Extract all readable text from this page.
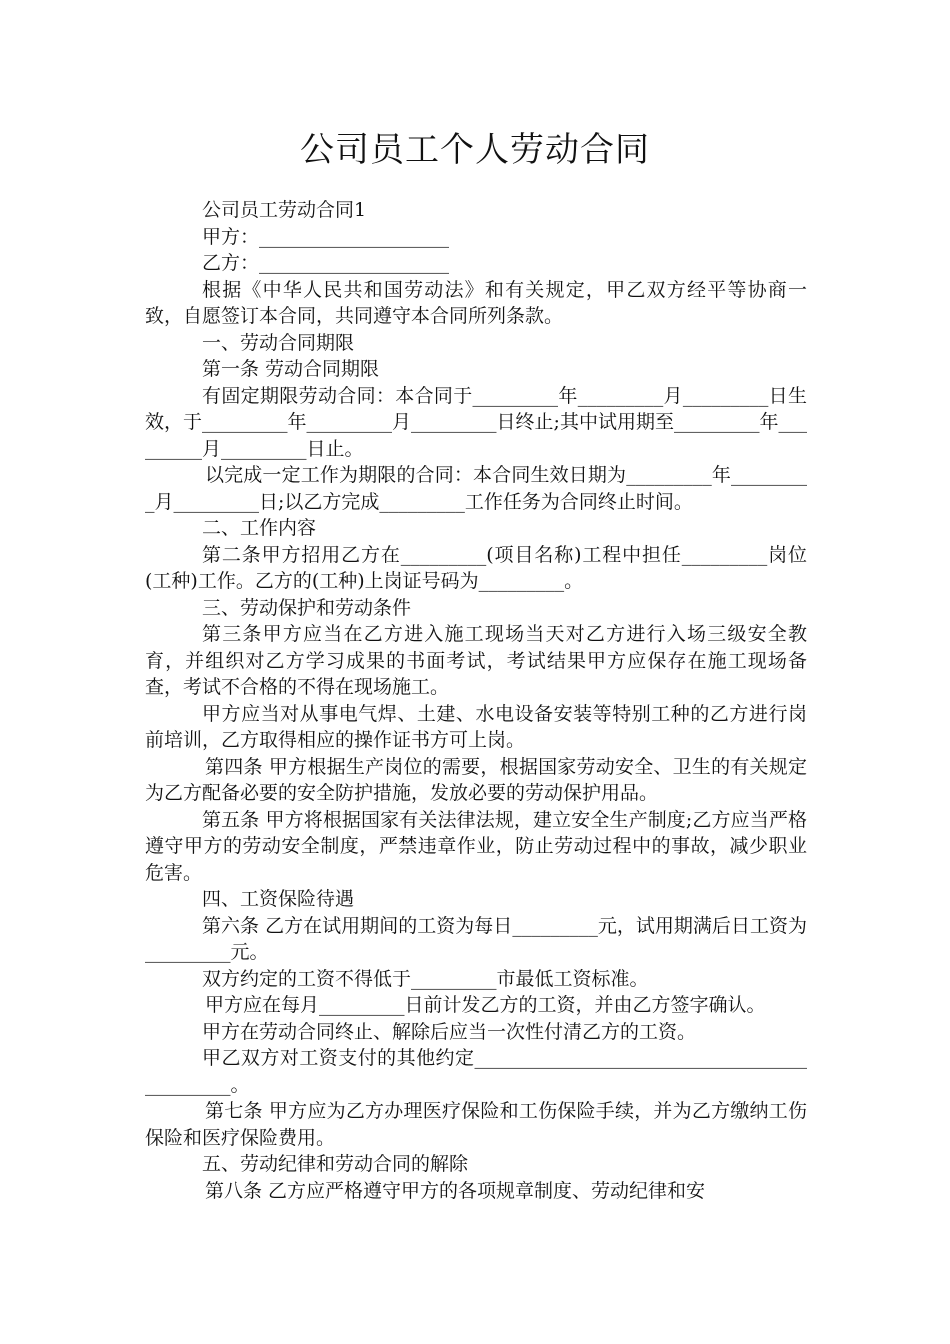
公司员工个人劳动合同

公司员工劳动合同1

甲方：____________________

乙方：____________________

根据《中华人民共和国劳动法》和有关规定，甲乙双方经平等协商一致，自愿签订本合同，共同遵守本合同所列条款。

一、劳动合同期限

第一条 劳动合同期限

有固定期限劳动合同：本合同于_________年_________月_________日生效，于_________年_________月_________日终止;其中试用期至_________年_________月_________日止。

以完成一定工作为期限的合同：本合同生效日期为_________年_________月_________日;以乙方完成_________工作任务为合同终止时间。

二、工作内容

第二条甲方招用乙方在_________(项目名称)工程中担任_________岗位(工种)工作。乙方的(工种)上岗证号码为_________。

三、劳动保护和劳动条件

第三条甲方应当在乙方进入施工现场当天对乙方进行入场三级安全教育，并组织对乙方学习成果的书面考试，考试结果甲方应保存在施工现场备查，考试不合格的不得在现场施工。

甲方应当对从事电气焊、土建、水电设备安装等特别工种的乙方进行岗前培训，乙方取得相应的操作证书方可上岗。

第四条 甲方根据生产岗位的需要，根据国家劳动安全、卫生的有关规定为乙方配备必要的安全防护措施，发放必要的劳动保护用品。

第五条 甲方将根据国家有关法律法规，建立安全生产制度;乙方应当严格遵守甲方的劳动安全制度，严禁违章作业，防止劳动过程中的事故，减少职业危害。

四、工资保险待遇

第六条 乙方在试用期间的工资为每日_________元，试用期满后日工资为_________元。

双方约定的工资不得低于_________市最低工资标准。

甲方应在每月_________日前计发乙方的工资，并由乙方签字确认。

甲方在劳动合同终止、解除后应当一次性付清乙方的工资。

甲乙双方对工资支付的其他约定____________________________________________。

第七条 甲方应为乙方办理医疗保险和工伤保险手续，并为乙方缴纳工伤保险和医疗保险费用。

五、劳动纪律和劳动合同的解除

第八条 乙方应严格遵守甲方的各项规章制度、劳动纪律和安
